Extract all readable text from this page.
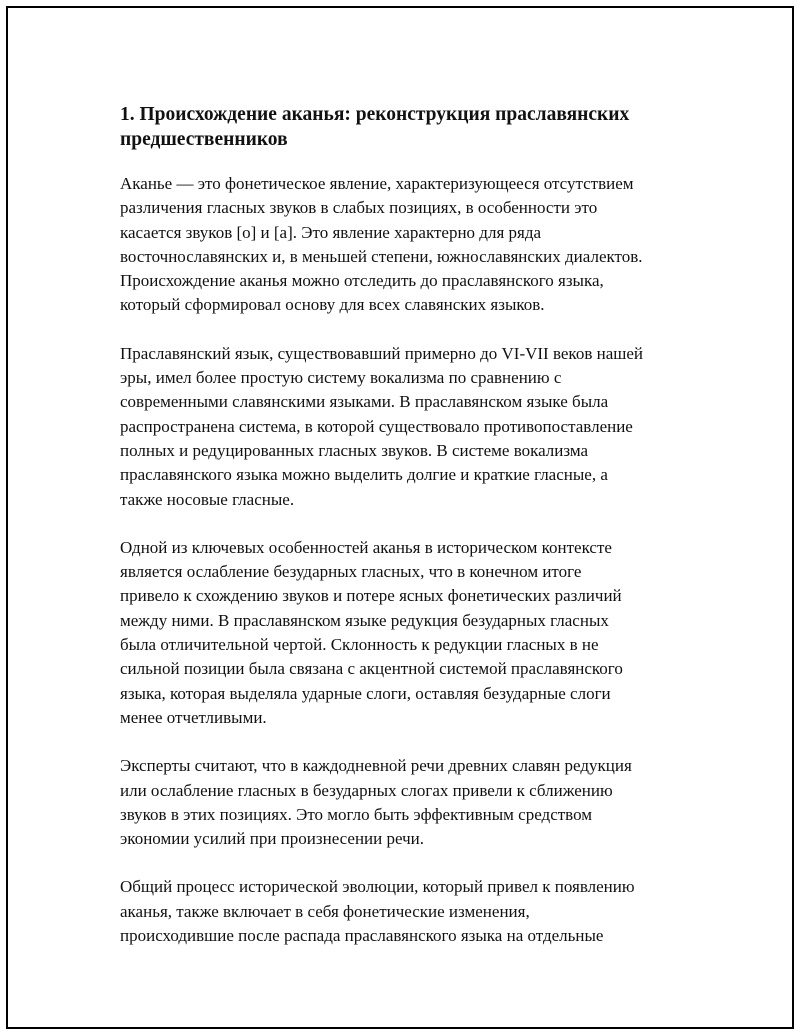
1. Происхождение аканья: реконструкция праславянских
предшественников

Аканье — это фонетическое явление, характеризующееся отсутствием
различения гласных звуков в слабых позициях, в особенности это
касается звуков [о] и [а]. Это явление характерно для ряда
восточнославянских и, в меньшей степени, южнославянских диалектов.
Происхождение аканья можно отследить до праславянского языка,
который сформировал основу для всех славянских языков.

Праславянский язык, существовавший примерно до VI-VII веков нашей
эры, имел более простую систему вокализма по сравнению с
современными славянскими языками. В праславянском языке была
распространена система, в которой существовало противопоставление
полных и редуцированных гласных звуков. В системе вокализма
праславянского языка можно выделить долгие и краткие гласные, а
также носовые гласные.

Одной из ключевых особенностей аканья в историческом контексте
является ослабление безударных гласных, что в конечном итоге
привело к схождению звуков и потере ясных фонетических различий
между ними. В праславянском языке редукция безударных гласных
была отличительной чертой. Склонность к редукции гласных в не
сильной позиции была связана с акцентной системой праславянского
языка, которая выделяла ударные слоги, оставляя безударные слоги
менее отчетливыми.

Эксперты считают, что в каждодневной речи древних славян редукция
или ослабление гласных в безударных слогах привели к сближению
звуков в этих позициях. Это могло быть эффективным средством
экономии усилий при произнесении речи.

Общий процесс исторической эволюции, который привел к появлению
аканья, также включает в себя фонетические изменения,
происходившие после распада праславянского языка на отдельные
